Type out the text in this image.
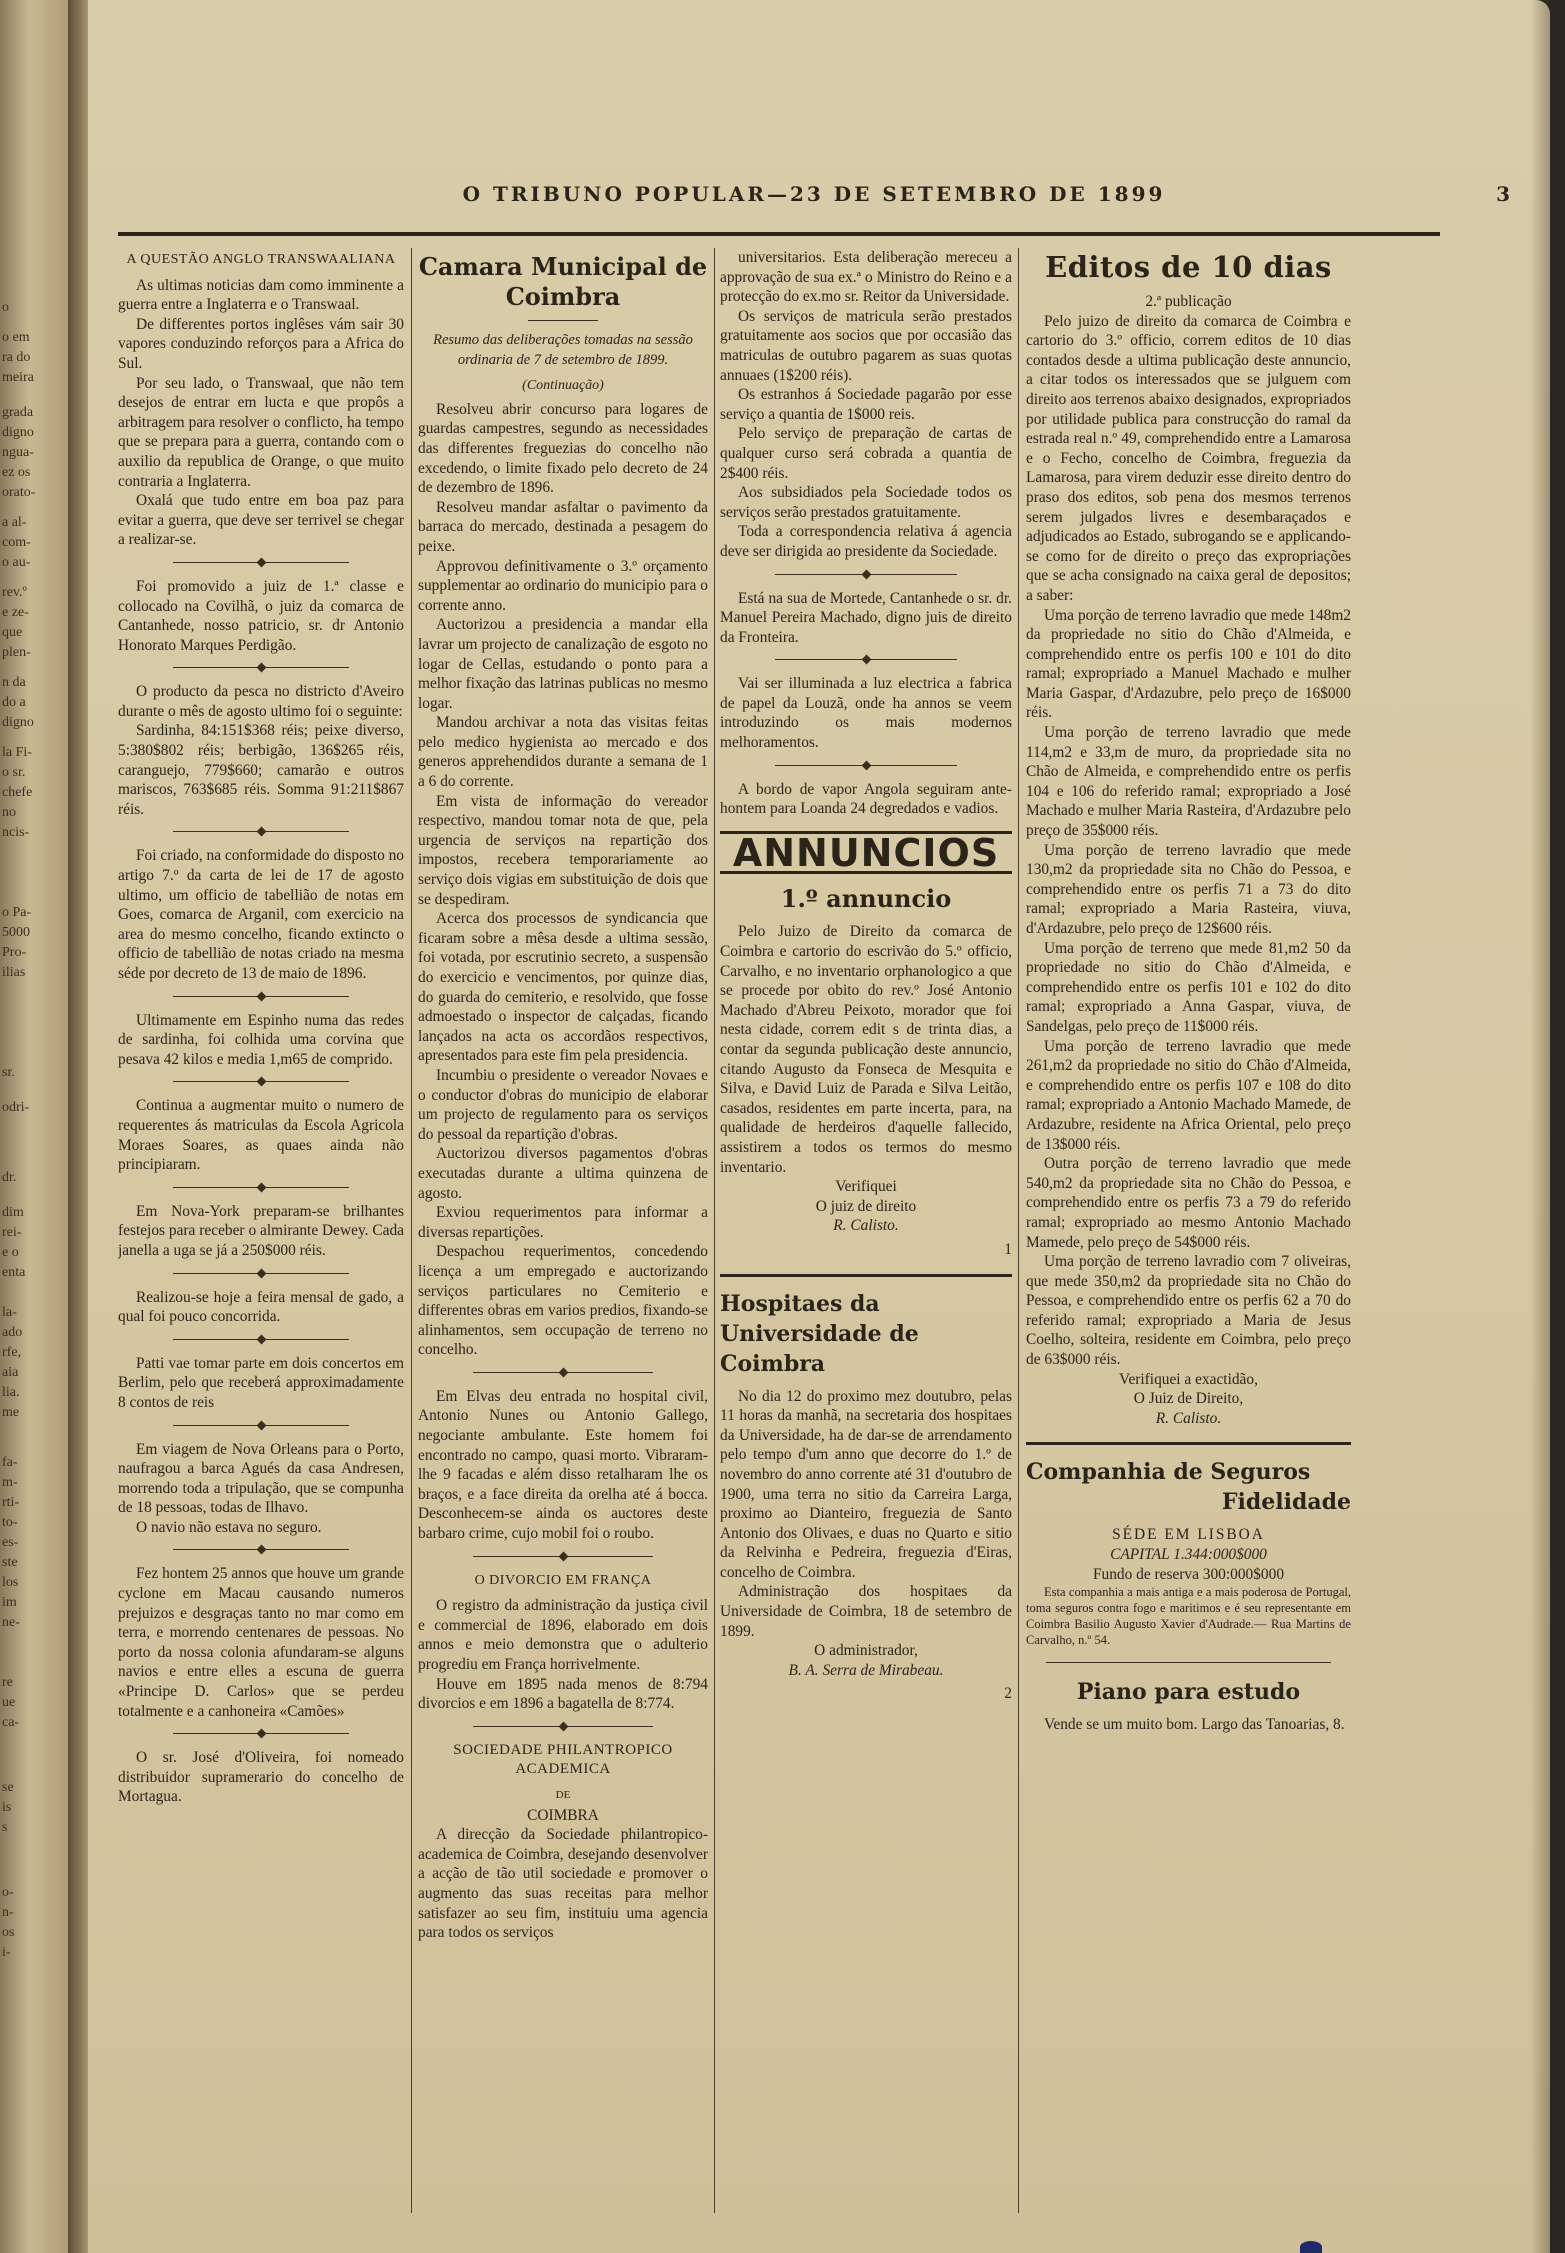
o
o em
ra do
meira
grada
digno
ngua-
ez os
orato-
a al-
com-
o au-
rev.º
e ze-
que
plen-
n da
do a
digno
la Fi-
o sr.
chefe
no
ncis-
o Pa-
5000
Pro-
ilias
sr.
odri-
dr.
dim
rei-
e o
enta
la-
ado
rfe,
aia
lia.
me
fa-
m-
rti-
to-
es-
ste
los
im
ne-
re
ue
ca-
se
is
s
o-
n-
os
i-
O TRIBUNO POPULAR—23 DE SETEMBRO DE 1899	3

A QUESTÃO ANGLO TRANSWAALIANA

As ultimas noticias dam como imminente a guerra entre a Inglaterra e o Transwaal.

De differentes portos inglêses vám sair 30 vapores conduzindo reforços para a Africa do Sul.

Por seu lado, o Transwaal, que não tem desejos de entrar em lucta e que propôs a arbitragem para resolver o conflicto, ha tempo que se prepara para a guerra, contando com o auxilio da republica de Orange, o que muito contraria a Inglaterra.

Oxalá que tudo entre em boa paz para evitar a guerra, que deve ser terrivel se chegar a realizar-se.

Foi promovido a juiz de 1.ª classe e collocado na Covilhã, o juiz da comarca de Cantanhede, nosso patricio, sr. dr Antonio Honorato Marques Perdigão.

O producto da pesca no districto d'Aveiro durante o mês de agosto ultimo foi o seguinte:

Sardinha, 84:151$368 réis; peixe diverso, 5:380$802 réis; berbigão, 136$265 réis, caranguejo, 779$660; camarão e outros mariscos, 763$685 réis. Somma 91:211$867 réis.

Foi criado, na conformidade do disposto no artigo 7.º da carta de lei de 17 de agosto ultimo, um officio de tabellião de notas em Goes, comarca de Arganil, com exercicio na area do mesmo concelho, ficando extincto o officio de tabellião de notas criado na mesma séde por decreto de 13 de maio de 1896.

Ultimamente em Espinho numa das redes de sardinha, foi colhida uma corvina que pesava 42 kilos e media 1,m65 de comprido.

Continua a augmentar muito o numero de requerentes ás matriculas da Escola Agricola Moraes Soares, as quaes ainda não principiaram.

Em Nova-York preparam-se brilhantes festejos para receber o almirante Dewey. Cada janella a uga se já a 250$000 réis.

Realizou-se hoje a feira mensal de gado, a qual foi pouco concorrida.

Patti vae tomar parte em dois concertos em Berlim, pelo que receberá approximadamente 8 contos de reis

Em viagem de Nova Orleans para o Porto, naufragou a barca Agués da casa Andresen, morrendo toda a tripulação, que se compunha de 18 pessoas, todas de Ilhavo.

O navio não estava no seguro.

Fez hontem 25 annos que houve um grande cyclone em Macau causando numeros prejuizos e desgraças tanto no mar como em terra, e morrendo centenares de pessoas. No porto da nossa colonia afundaram-se alguns navios e entre elles a escuna de guerra «Principe D. Carlos» que se perdeu totalmente e a canhoneira «Camões»

O sr. José d'Oliveira, foi nomeado distribuidor supramerario do concelho de Mortagua.

Camara Municipal de Coimbra

Resumo das deliberações tomadas na sessão ordinaria de 7 de setembro de 1899.

(Continuação)

Resolveu abrir concurso para logares de guardas campestres, segundo as necessidades das differentes freguezias do concelho não excedendo, o limite fixado pelo decreto de 24 de dezembro de 1896.

Resolveu mandar asfaltar o pavimento da barraca do mercado, destinada a pesagem do peixe.

Approvou definitivamente o 3.º orçamento supplementar ao ordinario do municipio para o corrente anno.

Auctorizou a presidencia a mandar ella lavrar um projecto de canalização de esgoto no logar de Cellas, estudando o ponto para a melhor fixação das latrinas publicas no mesmo logar.

Mandou archivar a nota das visitas feitas pelo medico hygienista ao mercado e dos generos apprehendidos durante a semana de 1 a 6 do corrente.

Em vista de informação do vereador respectivo, mandou tomar nota de que, pela urgencia de serviços na repartição dos impostos, recebera temporariamente ao serviço dois vigias em substituição de dois que se despediram.

Acerca dos processos de syndicancia que ficaram sobre a mêsa desde a ultima sessão, foi votada, por escrutinio secreto, a suspensão do exercicio e vencimentos, por quinze dias, do guarda do cemiterio, e resolvido, que fosse admoestado o inspector de calçadas, ficando lançados na acta os accordãos respectivos, apresentados para este fim pela presidencia.

Incumbiu o presidente o vereador Novaes e o conductor d'obras do municipio de elaborar um projecto de regulamento para os serviços do pessoal da repartição d'obras.

Auctorizou diversos pagamentos d'obras executadas durante a ultima quinzena de agosto.

Exviou requerimentos para informar a diversas repartições.

Despachou requerimentos, concedendo licença a um empregado e auctorizando serviços particulares no Cemiterio e differentes obras em varios predios, fixando-se alinhamentos, sem occupação de terreno no concelho.

Em Elvas deu entrada no hospital civil, Antonio Nunes ou Antonio Gallego, negociante ambulante. Este homem foi encontrado no campo, quasi morto. Vibraram-lhe 9 facadas e além disso retalharam lhe os braços, e a face direita da orelha até á bocca. Desconhecem-se ainda os auctores deste barbaro crime, cujo mobil foi o roubo.

O DIVORCIO EM FRANÇA

O registro da administração da justiça civil e commercial de 1896, elaborado em dois annos e meio demonstra que o adulterio progrediu em França horrivelmente.

Houve em 1895 nada menos de 8:794 divorcios e em 1896 a bagatella de 8:774.

SOCIEDADE PHILANTROPICO ACADEMICA

DE

COIMBRA

A direcção da Sociedade philantropico-academica de Coimbra, desejando desenvolver a acção de tão util sociedade e promover o augmento das suas receitas para melhor satisfazer ao seu fim, instituiu uma agencia para todos os serviços

universitarios. Esta deliberação mereceu a approvação de sua ex.ª o Ministro do Reino e a protecção do ex.mo sr. Reitor da Universidade.

Os serviços de matricula serão prestados gratuitamente aos socios que por occasião das matriculas de outubro pagarem as suas quotas annuaes (1$200 réis).

Os estranhos á Sociedade pagarão por esse serviço a quantia de 1$000 reis.

Pelo serviço de preparação de cartas de qualquer curso será cobrada a quantia de 2$400 réis.

Aos subsidiados pela Sociedade todos os serviços serão prestados gratuitamente.

Toda a correspondencia relativa á agencia deve ser dirigida ao presidente da Sociedade.

Está na sua de Mortede, Cantanhede o sr. dr. Manuel Pereira Machado, digno juis de direito da Fronteira.

Vai ser illuminada a luz electrica a fabrica de papel da Louzã, onde ha annos se veem introduzindo os mais modernos melhoramentos.

A bordo de vapor Angola seguiram ante-hontem para Loanda 24 degredados e vadios.

ANNUNCIOS

1.º annuncio

Pelo Juizo de Direito da comarca de Coimbra e cartorio do escrivão do 5.º officio, Carvalho, e no inventario orphanologico a que se procede por obito do rev.º José Antonio Machado d'Abreu Peixoto, morador que foi nesta cidade, correm edit s de trinta dias, a contar da segunda publicação deste annuncio, citando Augusto da Fonseca de Mesquita e Silva, e David Luiz de Parada e Silva Leitão, casados, residentes em parte incerta, para, na qualidade de herdeiros d'aquelle fallecido, assistirem a todos os termos do mesmo inventario.

Verifiquei

O juiz de direito

R. Calisto.

1

Hospitaes da Universidade de Coimbra

No dia 12 do proximo mez doutubro, pelas 11 horas da manhã, na secretaria dos hospitaes da Universidade, ha de dar-se de arrendamento pelo tempo d'um anno que decorre do 1.º de novembro do anno corrente até 31 d'outubro de 1900, uma terra no sitio da Carreira Larga, proximo ao Dianteiro, freguezia de Santo Antonio dos Olivaes, e duas no Quarto e sitio da Relvinha e Pedreira, freguezia d'Eiras, concelho de Coimbra.

Administração dos hospitaes da Universidade de Coimbra, 18 de setembro de 1899.

O administrador,

B. A. Serra de Mirabeau.

2

Editos de 10 dias

2.ª publicação

Pelo juizo de direito da comarca de Coimbra e cartorio do 3.º officio, correm editos de 10 dias contados desde a ultima publicação deste annuncio, a citar todos os interessados que se julguem com direito aos terrenos abaixo designados, expropriados por utilidade publica para construcção do ramal da estrada real n.º 49, comprehendido entre a Lamarosa e o Fecho, concelho de Coimbra, freguezia da Lamarosa, para virem deduzir esse direito dentro do praso dos editos, sob pena dos mesmos terrenos serem julgados livres e desembaraçados e adjudicados ao Estado, subrogando se e applicando-se como for de direito o preço das expropriações que se acha consignado na caixa geral de depositos; a saber:

Uma porção de terreno lavradio que mede 148m2 da propriedade no sitio do Chão d'Almeida, e comprehendido entre os perfis 100 e 101 do dito ramal; expropriado a Manuel Machado e mulher Maria Gaspar, d'Ardazubre, pelo preço de 16$000 réis.

Uma porção de terreno lavradio que mede 114,m2 e 33,m de muro, da propriedade sita no Chão de Almeida, e comprehendido entre os perfis 104 e 106 do referido ramal; expropriado a José Machado e mulher Maria Rasteira, d'Ardazubre pelo preço de 35$000 réis.

Uma porção de terreno lavradio que mede 130,m2 da propriedade sita no Chão do Pessoa, e comprehendido entre os perfis 71 a 73 do dito ramal; expropriado a Maria Rasteira, viuva, d'Ardazubre, pelo preço de 12$600 réis.

Uma porção de terreno que mede 81,m2 50 da propriedade no sitio do Chão d'Almeida, e comprehendido entre os perfis 101 e 102 do dito ramal; expropriado a Anna Gaspar, viuva, de Sandelgas, pelo preço de 11$000 réis.

Uma porção de terreno lavradio que mede 261,m2 da propriedade no sitio do Chão d'Almeida, e comprehendido entre os perfis 107 e 108 do dito ramal; expropriado a Antonio Machado Mamede, de Ardazubre, residente na Africa Oriental, pelo preço de 13$000 réis.

Outra porção de terreno lavradio que mede 540,m2 da propriedade sita no Chão do Pessoa, e comprehendido entre os perfis 73 a 79 do referido ramal; expropriado ao mesmo Antonio Machado Mamede, pelo preço de 54$000 réis.

Uma porção de terreno lavradio com 7 oliveiras, que mede 350,m2 da propriedade sita no Chão do Pessoa, e comprehendido entre os perfis 62 a 70 do referido ramal; expropriado a Maria de Jesus Coelho, solteira, residente em Coimbra, pelo preço de 63$000 réis.

Verifiquei a exactidão,

O Juiz de Direito,

R. Calisto.

Companhia de Seguros

Fidelidade

SÉDE EM LISBOA

CAPITAL 1.344:000$000

Fundo de reserva 300:000$000

Esta companhia a mais antiga e a mais poderosa de Portugal, toma seguros contra fogo e maritimos e é seu representante em Coimbra Basilio Augusto Xavier d'Audrade.— Rua Martins de Carvalho, n.º 54.

Piano para estudo

Vende se um muito bom. Largo das Tanoarias, 8.
